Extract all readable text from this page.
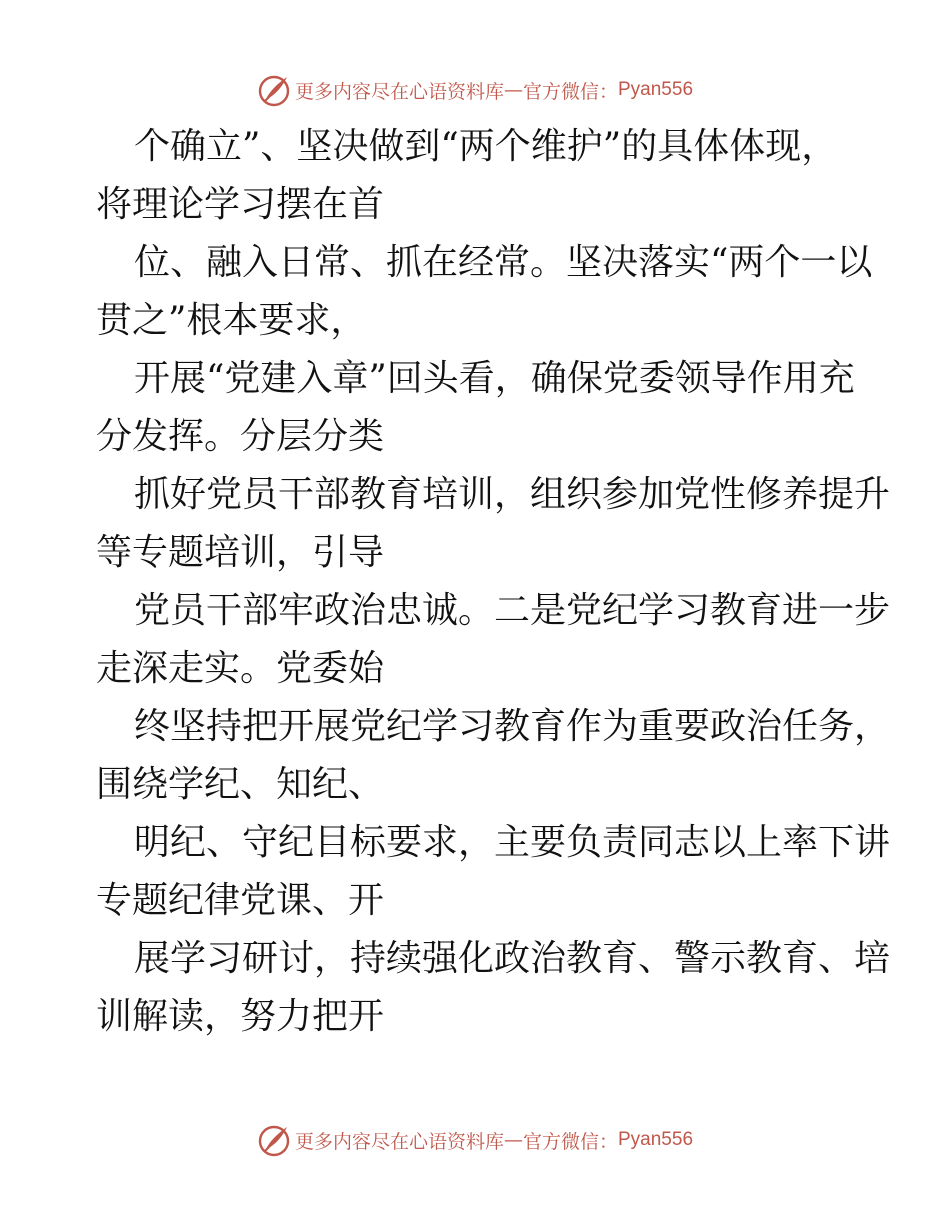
更多内容尽在心语资料库 — 官方微信： Pyan556

个确立”、坚决做到“两个维护”的具体体现，
将理论学习摆在首

位、融入日常、抓在经常。坚决落实“两个一以
贯之”根本要求，

开展“党建入章”回头看，确保党委领导作用充
分发挥。分层分类

抓好党员干部教育培训，组织参加党性修养提升
等专题培训，引导

党员干部牢政治忠诚。二是党纪学习教育进一步
走深走实。党委始

终坚持把开展党纪学习教育作为重要政治任务，
围绕学纪、知纪、

明纪、守纪目标要求，主要负责同志以上率下讲
专题纪律党课、开

展学习研讨，持续强化政治教育、警示教育、培
训解读，努力把开

更多内容尽在心语资料库 — 官方微信： Pyan556
